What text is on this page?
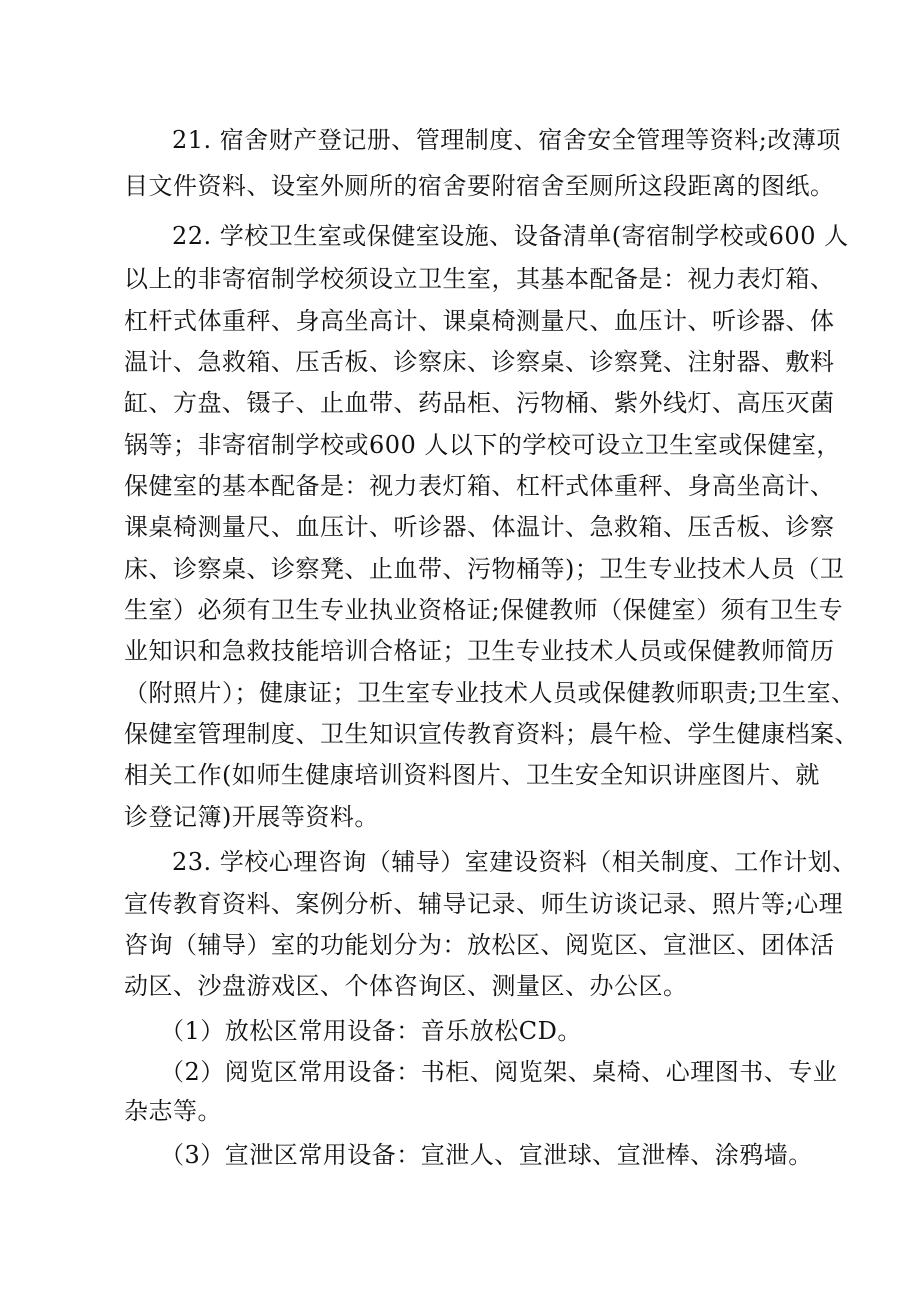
21. 宿舍财产登记册、管理制度、宿舍安全管理等资料;改薄项
目文件资料、设室外厕所的宿舍要附宿舍至厕所这段距离的图纸。
22. 学校卫生室或保健室设施、设备清单(寄宿制学校或600 人
以上的非寄宿制学校须设立卫生室，其基本配备是：视力表灯箱、
杠杆式体重秤、身高坐高计、课桌椅测量尺、血压计、听诊器、体
温计、急救箱、压舌板、诊察床、诊察桌、诊察凳、注射器、敷料
缸、方盘、镊子、止血带、药品柜、污物桶、紫外线灯、高压灭菌
锅等；非寄宿制学校或600 人以下的学校可设立卫生室或保健室，
保健室的基本配备是：视力表灯箱、杠杆式体重秤、身高坐高计、
课桌椅测量尺、血压计、听诊器、体温计、急救箱、压舌板、诊察
床、诊察桌、诊察凳、止血带、污物桶等)；卫生专业技术人员（卫
生室）必须有卫生专业执业资格证;保健教师（保健室）须有卫生专
业知识和急救技能培训合格证；卫生专业技术人员或保健教师简历
（附照片）；健康证；卫生室专业技术人员或保健教师职责;卫生室、
保健室管理制度、卫生知识宣传教育资料；晨午检、学生健康档案、
相关工作(如师生健康培训资料图片、卫生安全知识讲座图片、就
诊登记簿)开展等资料。
23. 学校心理咨询（辅导）室建设资料（相关制度、工作计划、
宣传教育资料、案例分析、辅导记录、师生访谈记录、照片等;心理
咨询（辅导）室的功能划分为：放松区、阅览区、宣泄区、团体活
动区、沙盘游戏区、个体咨询区、测量区、办公区。
（1）放松区常用设备：音乐放松CD。
（2）阅览区常用设备：书柜、阅览架、桌椅、心理图书、专业
杂志等。
（3）宣泄区常用设备：宣泄人、宣泄球、宣泄棒、涂鸦墙。
